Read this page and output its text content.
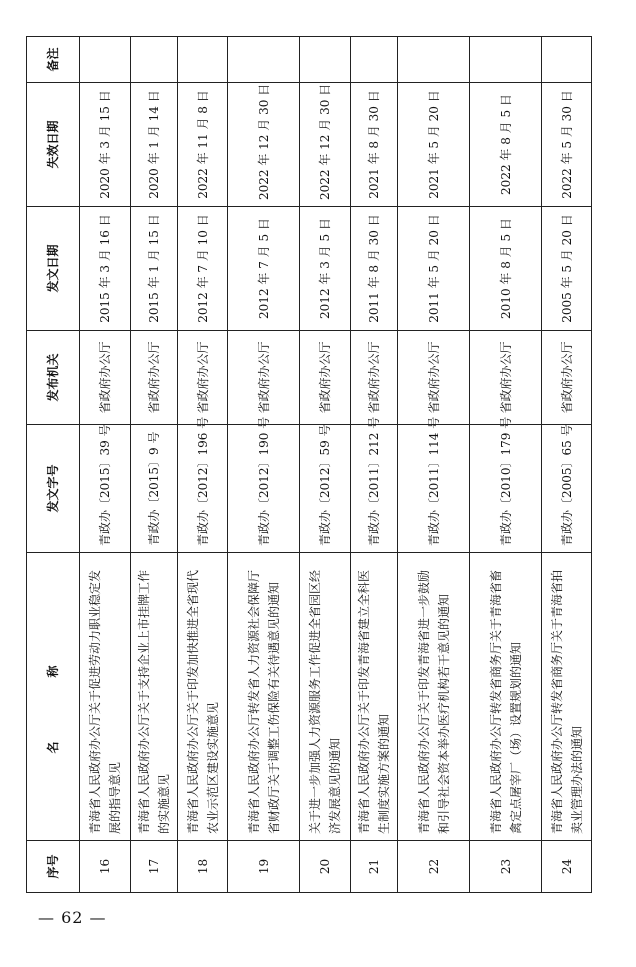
序号	名　称	发文字号	发布机关	发文日期	失效日期	备注
16	青海省人民政府办公厅关于促进劳动力职业稳定发展的指导意见	青政办〔2015〕39 号	省政府办公厅	2015 年 3 月 16 日	2020 年 3 月 15 日	
17	青海省人民政府办公厅关于支持企业上市挂牌工作的实施意见	青政办〔2015〕9 号	省政府办公厅	2015 年 1 月 15 日	2020 年 1 月 14 日	
18	青海省人民政府办公厅关于印发加快推进全省现代农业示范区建设实施意见	青政办〔2012〕196 号	省政府办公厅	2012 年 7 月 10 日	2022 年 11 月 8 日	
19	青海省人民政府办公厅转发省人力资源社会保障厅省财政厅关于调整工伤保险有关待遇意见的通知	青政办〔2012〕190 号	省政府办公厅	2012 年 7 月 5 日	2022 年 12 月 30 日	
20	关于进一步加强人力资源服务工作促进全省园区经济发展意见的通知	青政办〔2012〕59 号	省政府办公厅	2012 年 3 月 5 日	2022 年 12 月 30 日	
21	青海省人民政府办公厅关于印发青海省建立全科医生制度实施方案的通知	青政办〔2011〕212 号	省政府办公厅	2011 年 8 月 30 日	2021 年 8 月 30 日	
22	青海省人民政府办公厅关于印发青海省进一步鼓励和引导社会资本举办医疗机构若干意见的通知	青政办〔2011〕114 号	省政府办公厅	2011 年 5 月 20 日	2021 年 5 月 20 日	
23	青海省人民政府办公厅转发省商务厅关于青海省畜禽定点屠宰厂（场）设置规划的通知	青政办〔2010〕179 号	省政府办公厅	2010 年 8 月 5 日	2022 年 8 月 5 日	
24	青海省人民政府办公厅转发省商务厅关于青海省拍卖业管理办法的通知	青政办〔2005〕65 号	省政府办公厅	2005 年 5 月 20 日	2022 年 5 月 30 日	
— 62 —
